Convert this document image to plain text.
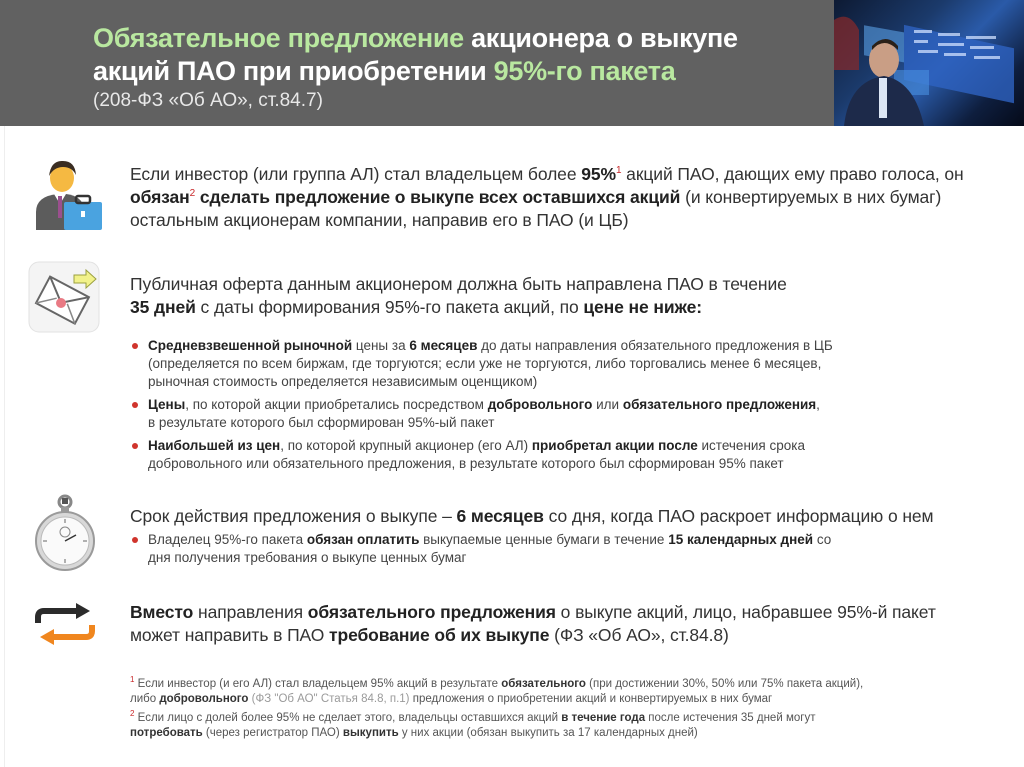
Обязательное предложение акционера о выкупе
акций ПАО при приобретении 95%-го пакета
(208-ФЗ «Об АО», ст.84.7)
Если инвестор (или группа АЛ) стал владельцем более 95%$^1$ акций ПАО, дающих ему право голоса, он обязан$^2$ сделать предложение о выкупе всех оставшихся акций (и конвертируемых в них бумаг) остальным акционерам компании, направив его в ПАО (и ЦБ)
Публичная оферта данным акционером должна быть направлена ПАО в течение
35 дней с даты формирования 95%-го пакета акций, по цене не ниже:
Средневзвешенной рыночной цены за 6 месяцев до даты направления обязательного предложения в ЦБ
(определяется по всем биржам, где торгуются; если уже не торгуются, либо торговались менее 6 месяцев,
рыночная стоимость определяется независимым оценщиком)
Цены, по которой акции приобретались посредством добровольного или обязательного предложения,
в результате которого был сформирован 95%-ый пакет
Наибольшей из цен, по которой крупный акционер (его АЛ) приобретал акции после истечения срока
добровольного или обязательного предложения, в результате которого был сформирован 95% пакет
Срок действия предложения о выкупе – 6 месяцев со дня, когда ПАО раскроет информацию о нем
Владелец 95%-го пакета обязан оплатить выкупаемые ценные бумаги в течение 15 календарных дней со
дня получения требования о выкупе ценных бумаг
Вместо направления обязательного предложения о выкупе акций, лицо, набравшее 95%-й пакет
может направить в ПАО требование об их выкупе (ФЗ «Об АО», ст.84.8)
$^1$ Если инвестор (и его АЛ) стал владельцем 95% акций в результате обязательного (при достижении 30%, 50% или 75% пакета акций),
либо добровольного (ФЗ "Об АО" Статья 84.8, п.1) предложения о приобретении акций и конвертируемых в них бумаг
$^2$ Если лицо с долей более 95% не сделает этого, владельцы оставшихся акций в течение года после истечения 35 дней могут
потребовать (через регистратор ПАО) выкупить у них акции (обязан выкупить за 17 календарных дней)
